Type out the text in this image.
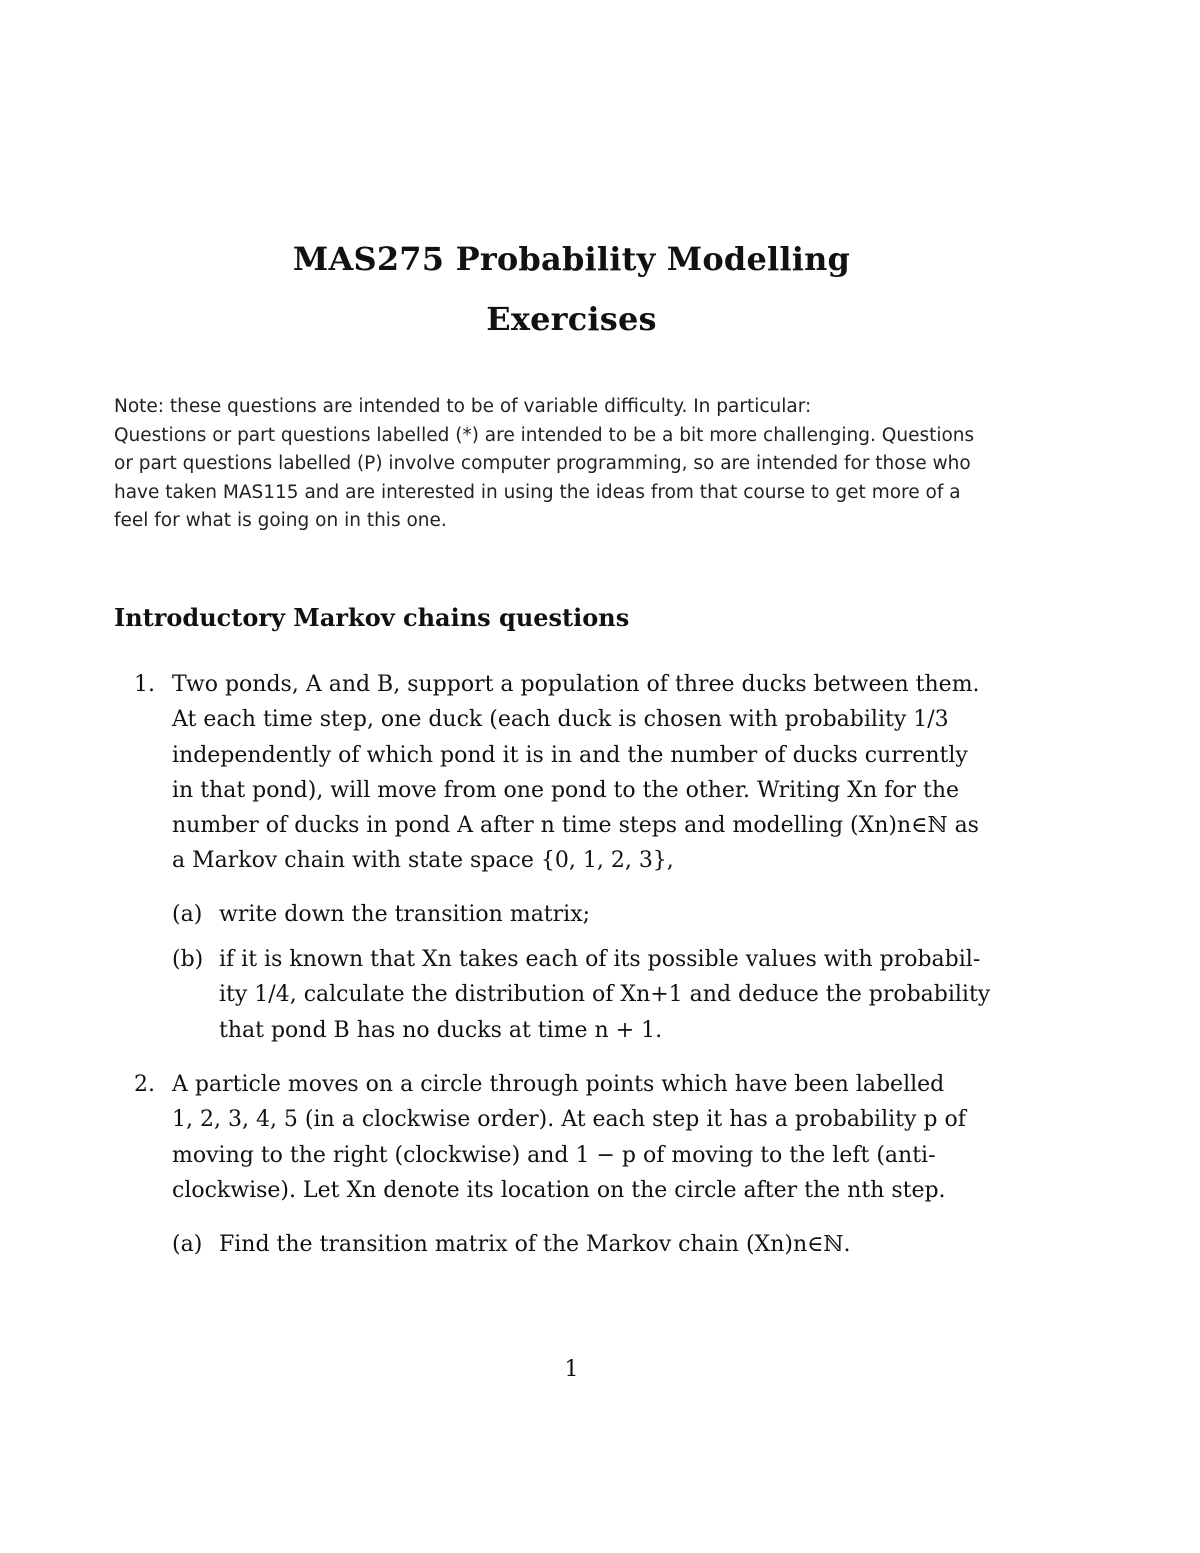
MAS275 Probability Modelling
Exercises
Note: these questions are intended to be of variable difficulty. In particular:
Questions or part questions labelled (*) are intended to be a bit more challenging. Questions
or part questions labelled (P) involve computer programming, so are intended for those who
have taken MAS115 and are interested in using the ideas from that course to get more of a
feel for what is going on in this one.
Introductory Markov chains questions
1. Two ponds, A and B, support a population of three ducks between them.
At each time step, one duck (each duck is chosen with probability 1/3
independently of which pond it is in and the number of ducks currently
in that pond), will move from one pond to the other. Writing Xn for the
number of ducks in pond A after n time steps and modelling (Xn)n∈ℕ as
a Markov chain with state space {0, 1, 2, 3},
(a) write down the transition matrix;
(b) if it is known that Xn takes each of its possible values with probabil-
ity 1/4, calculate the distribution of Xn+1 and deduce the probability
that pond B has no ducks at time n + 1.
2. A particle moves on a circle through points which have been labelled
1, 2, 3, 4, 5 (in a clockwise order). At each step it has a probability p of
moving to the right (clockwise) and 1 − p of moving to the left (anti-
clockwise). Let Xn denote its location on the circle after the nth step.
(a) Find the transition matrix of the Markov chain (Xn)n∈ℕ.
1
